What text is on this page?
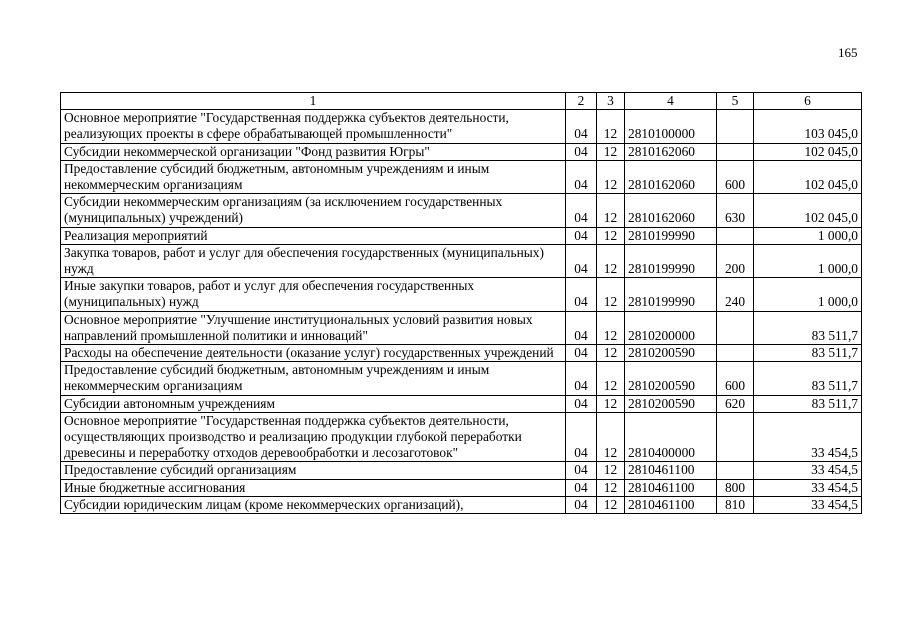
165
1	2	3	4	5	6
Основное мероприятие "Государственная поддержка субъектов деятельности, реализующих проекты в сфере обрабатывающей промышленности"	04	12	2810100000		103 045,0
Субсидии некоммерческой организации "Фонд развития Югры"	04	12	2810162060		102 045,0
Предоставление субсидий бюджетным, автономным учреждениям и иным некоммерческим организациям	04	12	2810162060	600	102 045,0
Субсидии некоммерческим организациям (за исключением государственных (муниципальных) учреждений)	04	12	2810162060	630	102 045,0
Реализация мероприятий	04	12	2810199990		1 000,0
Закупка товаров, работ и услуг для обеспечения государственных (муниципальных) нужд	04	12	2810199990	200	1 000,0
Иные закупки товаров, работ и услуг для обеспечения государственных (муниципальных) нужд	04	12	2810199990	240	1 000,0
Основное мероприятие "Улучшение институциональных условий развития новых направлений промышленной политики и инноваций"	04	12	2810200000		83 511,7
Расходы на обеспечение деятельности (оказание услуг) государственных учреждений	04	12	2810200590		83 511,7
Предоставление субсидий бюджетным, автономным учреждениям и иным некоммерческим организациям	04	12	2810200590	600	83 511,7
Субсидии автономным учреждениям	04	12	2810200590	620	83 511,7
Основное мероприятие "Государственная поддержка субъектов деятельности, осуществляющих производство и реализацию продукции глубокой переработки древесины и переработку отходов деревообработки и лесозаготовок"	04	12	2810400000		33 454,5
Предоставление субсидий организациям	04	12	2810461100		33 454,5
Иные бюджетные ассигнования	04	12	2810461100	800	33 454,5
Субсидии юридическим лицам (кроме некоммерческих организаций),	04	12	2810461100	810	33 454,5
